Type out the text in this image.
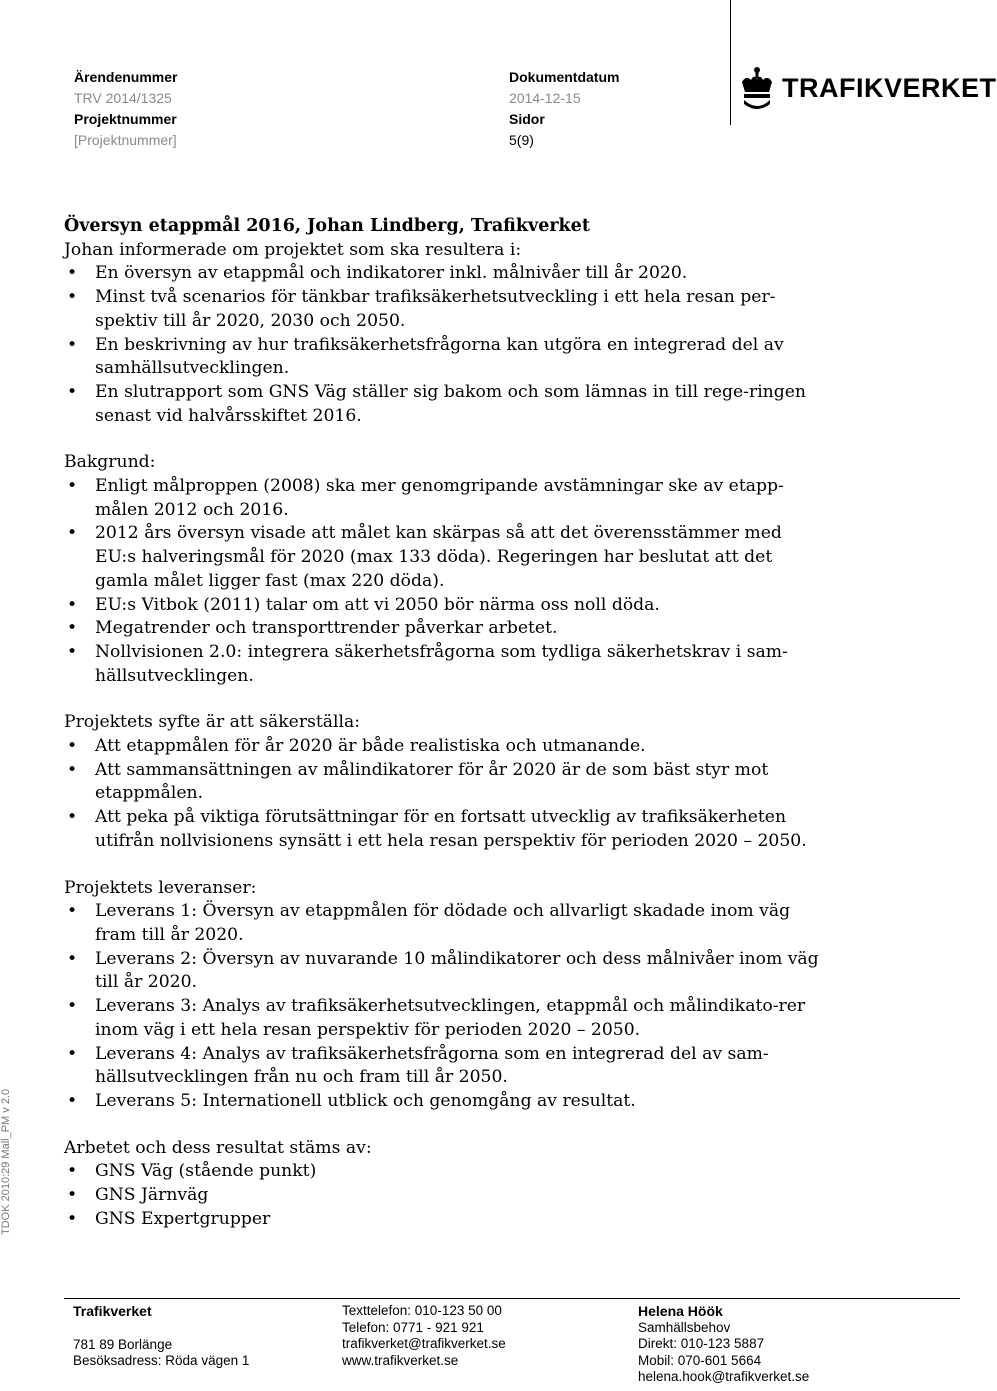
Ärendenummer
TRV 2014/1325
Projektnummer
[Projektnummer]
Dokumentdatum
2014-12-15
Sidor
5(9)
TRAFIKVERKET
TDOK 2010:29 Mall_PM v 2.0
Översyn etappmål 2016, Johan Lindberg, Trafikverket

Johan informerade om projektet som ska resultera i:

• En översyn av etappmål och indikatorer inkl. målnivåer till år 2020.
• Minst två scenarios för tänkbar trafiksäkerhetsutveckling i ett hela resan per-spektiv till år 2020, 2030 och 2050.
• En beskrivning av hur trafiksäkerhetsfrågorna kan utgöra en integrerad del av samhällsutvecklingen.
• En slutrapport som GNS Väg ställer sig bakom och som lämnas in till rege-ringen senast vid halvårsskiftet 2016.

Bakgrund:

• Enligt målproppen (2008) ska mer genomgripande avstämningar ske av etapp-målen 2012 och 2016.
• 2012 års översyn visade att målet kan skärpas så att det överensstämmer med EU:s halveringsmål för 2020 (max 133 döda). Regeringen har beslutat att det gamla målet ligger fast (max 220 döda).
• EU:s Vitbok (2011) talar om att vi 2050 bör närma oss noll döda.
• Megatrender och transporttrender påverkar arbetet.
• Nollvisionen 2.0: integrera säkerhetsfrågorna som tydliga säkerhetskrav i sam-hällsutvecklingen.

Projektets syfte är att säkerställa:

• Att etappmålen för år 2020 är både realistiska och utmanande.
• Att sammansättningen av målindikatorer för år 2020 är de som bäst styr mot etappmålen.
• Att peka på viktiga förutsättningar för en fortsatt utvecklig av trafiksäkerheten utifrån nollvisionens synsätt i ett hela resan perspektiv för perioden 2020 – 2050.

Projektets leveranser:

• Leverans 1: Översyn av etappmålen för dödade och allvarligt skadade inom väg fram till år 2020.
• Leverans 2: Översyn av nuvarande 10 målindikatorer och dess målnivåer inom väg till år 2020.
• Leverans 3: Analys av trafiksäkerhetsutvecklingen, etappmål och målindikato-rer inom väg i ett hela resan perspektiv för perioden 2020 – 2050.
• Leverans 4: Analys av trafiksäkerhetsfrågorna som en integrerad del av sam-hällsutvecklingen från nu och fram till år 2050.
• Leverans 5: Internationell utblick och genomgång av resultat.

Arbetet och dess resultat stäms av:

• GNS Väg (stående punkt)
• GNS Järnväg
• GNS Expertgrupper
Trafikverket
781 89 Borlänge
Besöksadress: Röda vägen 1
Texttelefon: 010-123 50 00
Telefon: 0771 - 921 921
trafikverket@trafikverket.se
www.trafikverket.se
Helena Höök
Samhällsbehov
Direkt: 010-123 5887
Mobil: 070-601 5664
helena.hook@trafikverket.se
